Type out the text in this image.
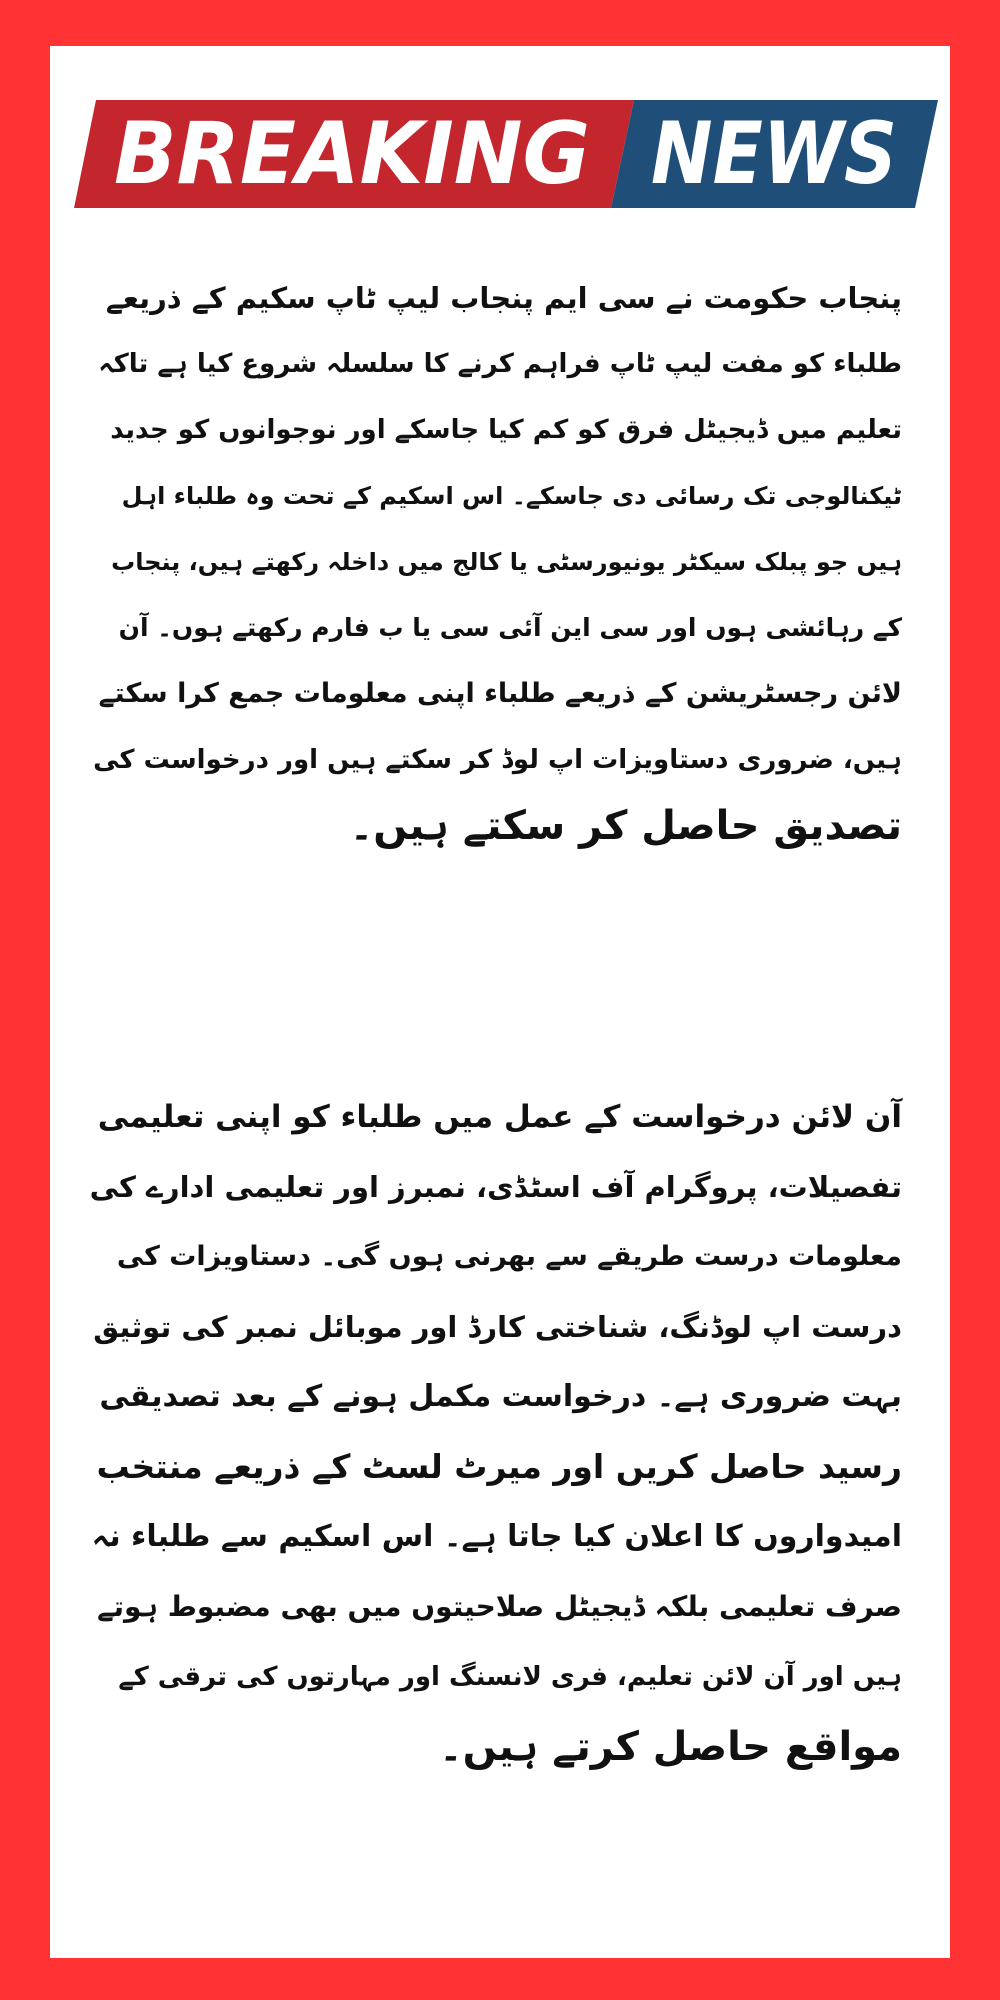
BREAKING NEWS
پنجاب حکومت نے سی ایم پنجاب لیپ ٹاپ سکیم کے ذریعے
طلباء کو مفت لیپ ٹاپ فراہم کرنے کا سلسلہ شروع کیا ہے تاکہ
تعلیم میں ڈیجیٹل فرق کو کم کیا جاسکے اور نوجوانوں کو جدید
ٹیکنالوجی تک رسائی دی جاسکے۔ اس اسکیم کے تحت وہ طلباء اہل
ہیں جو پبلک سیکٹر یونیورسٹی یا کالج میں داخلہ رکھتے ہیں، پنجاب
کے رہائشی ہوں اور سی این آئی سی یا ب فارم رکھتے ہوں۔ آن
لائن رجسٹریشن کے ذریعے طلباء اپنی معلومات جمع کرا سکتے
ہیں، ضروری دستاویزات اپ لوڈ کر سکتے ہیں اور درخواست کی
تصدیق حاصل کر سکتے ہیں۔
آن لائن درخواست کے عمل میں طلباء کو اپنی تعلیمی
تفصیلات، پروگرام آف اسٹڈی، نمبرز اور تعلیمی ادارے کی
معلومات درست طریقے سے بھرنی ہوں گی۔ دستاویزات کی
درست اپ لوڈنگ، شناختی کارڈ اور موبائل نمبر کی توثیق
بہت ضروری ہے۔ درخواست مکمل ہونے کے بعد تصدیقی
رسید حاصل کریں اور میرٹ لسٹ کے ذریعے منتخب
امیدواروں کا اعلان کیا جاتا ہے۔ اس اسکیم سے طلباء نہ
صرف تعلیمی بلکہ ڈیجیٹل صلاحیتوں میں بھی مضبوط ہوتے
ہیں اور آن لائن تعلیم، فری لانسنگ اور مہارتوں کی ترقی کے
مواقع حاصل کرتے ہیں۔
